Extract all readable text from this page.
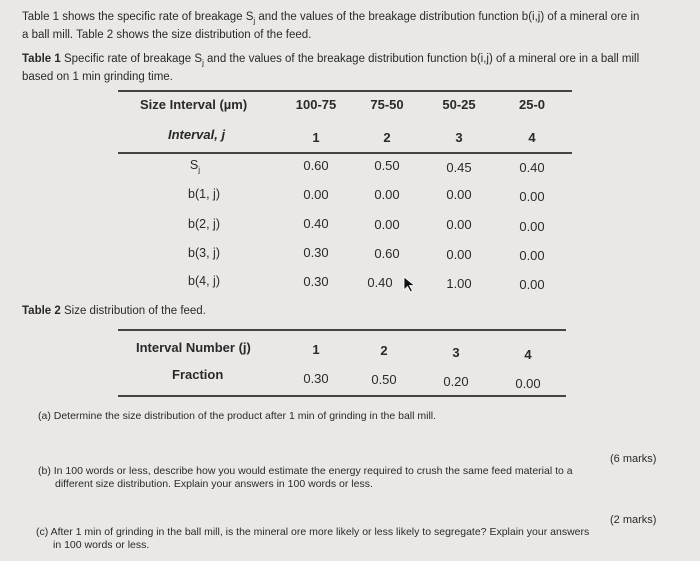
Table 1 shows the specific rate of breakage $S_j$ and the values of the breakage distribution function b(i,j) of a mineral ore in
a ball mill. Table 2 shows the size distribution of the feed.
Table 1 Specific rate of breakage $S_j$ and the values of the breakage distribution function b(i,j) of a mineral ore in a ball mill
based on 1 min grinding time.
Size Interval (µm)	100-75	75-50	50-25	25-0
Interval, j	1	2	3	4
$S_j$	0.60	0.50	0.45	0.40
b(1, j)	0.00	0.00	0.00	0.00
b(2, j)	0.40	0.00	0.00	0.00
b(3, j)	0.30	0.60	0.00	0.00
b(4, j)	0.30	0.40	1.00	0.00
Table 2 Size distribution of the feed.
Interval Number (j)	1	2	3	4
Fraction	0.30	0.50	0.20	0.00
(a) Determine the size distribution of the product after 1 min of grinding in the ball mill.
(6 marks)
(b) In 100 words or less, describe how you would estimate the energy required to crush the same feed material to a
different size distribution. Explain your answers in 100 words or less.
(2 marks)
(c) After 1 min of grinding in the ball mill, is the mineral ore more likely or less likely to segregate? Explain your answers
in 100 words or less.
